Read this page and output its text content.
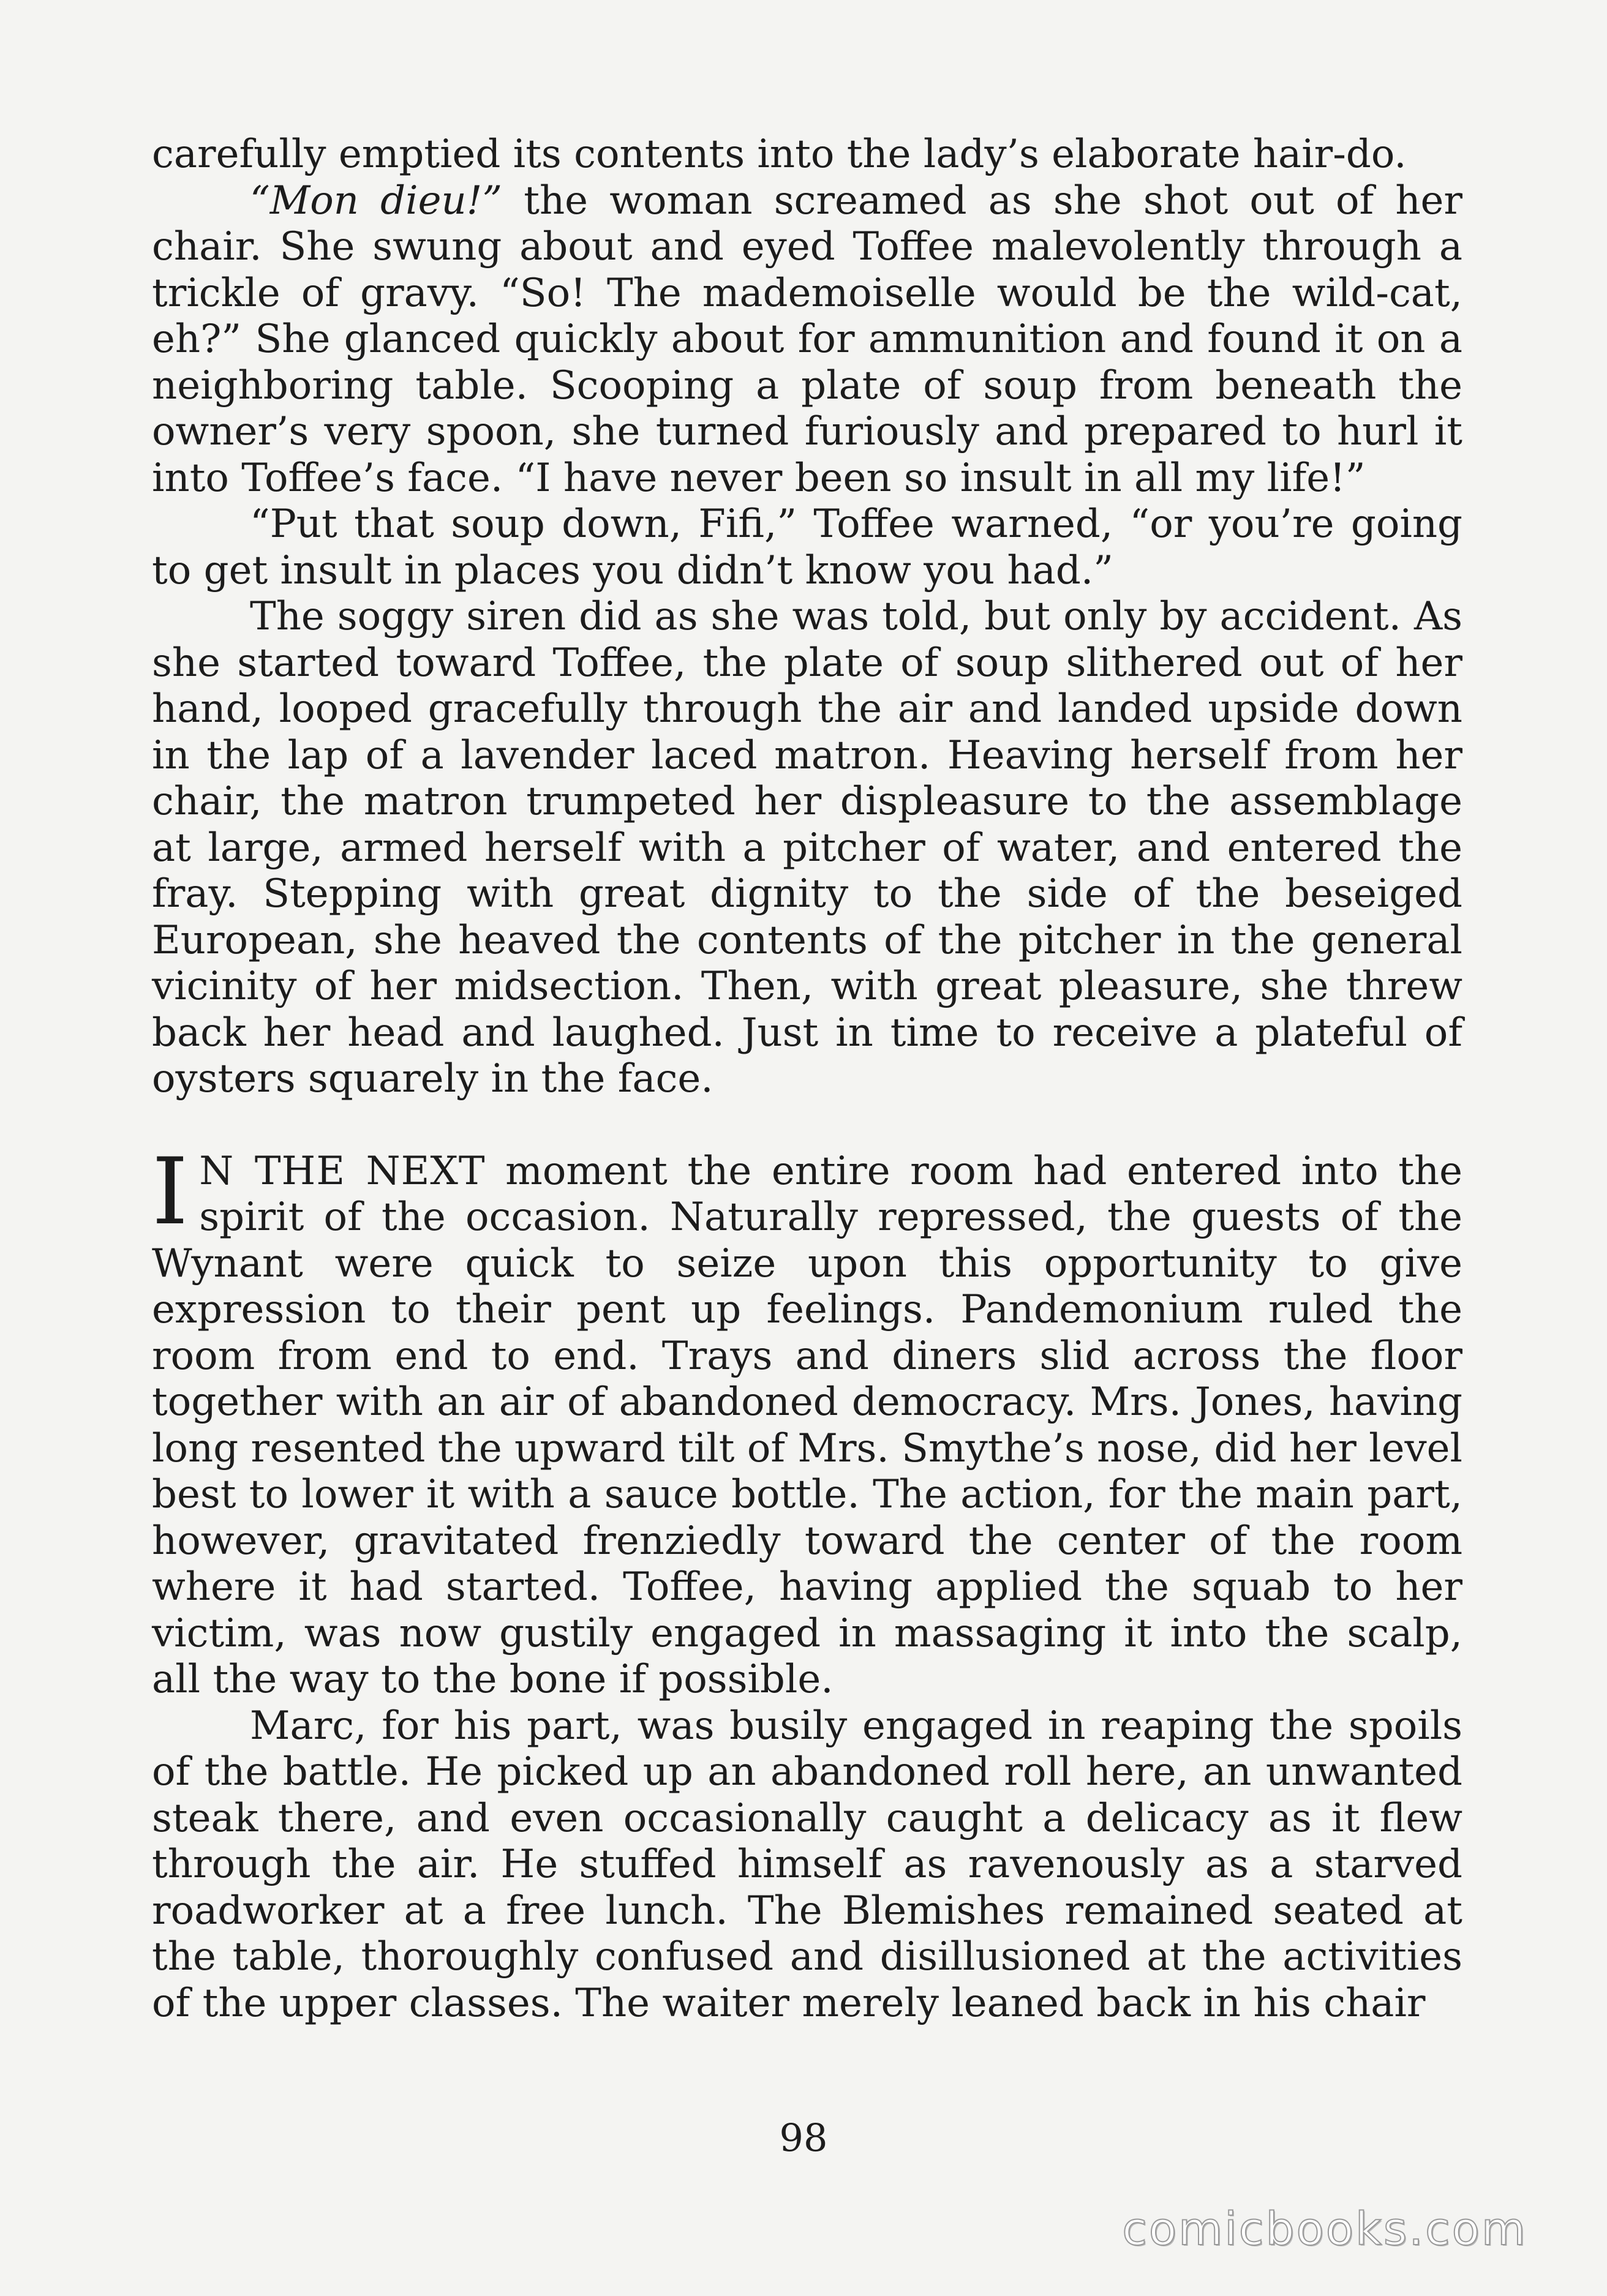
carefully emptied its contents into the lady’s elaborate hair-do.

“Mon dieu!” the woman screamed as she shot out of her chair. She swung about and eyed Toffee malevolently through a trickle of gravy. “So! The mademoiselle would be the wild-cat, eh?” She glanced quickly about for ammunition and found it on a neighboring table. Scooping a plate of soup from beneath the owner’s very spoon, she turned furiously and prepared to hurl it into Toffee’s face. “I have never been so insult in all my life!”

“Put that soup down, Fifi,” Toffee warned, “or you’re going to get insult in places you didn’t know you had.”

The soggy siren did as she was told, but only by accident. As she started toward Toffee, the plate of soup slithered out of her hand, looped gracefully through the air and landed upside down in the lap of a lavender laced matron. Heaving herself from her chair, the matron trumpeted her displeasure to the assemblage at large, armed herself with a pitcher of water, and entered the fray. Stepping with great dignity to the side of the beseiged European, she heaved the contents of the pitcher in the general vicinity of her midsection. Then, with great pleasure, she threw back her head and laughed. Just in time to receive a plateful of oysters squarely in the face.

I N THE NEXT moment the entire room had entered into the spirit of the occasion. Naturally repressed, the guests of the Wynant were quick to seize upon this opportunity to give expression to their pent up feelings. Pandemonium ruled the room from end to end. Trays and diners slid across the floor together with an air of abandoned democracy. Mrs. Jones, having long resented the upward tilt of Mrs. Smythe’s nose, did her level best to lower it with a sauce bottle. The action, for the main part, however, gravitated frenziedly toward the center of the room where it had started. Toffee, having applied the squab to her victim, was now gustily engaged in massaging it into the scalp, all the way to the bone if possible.

Marc, for his part, was busily engaged in reaping the spoils of the battle. He picked up an abandoned roll here, an unwanted steak there, and even occasionally caught a delicacy as it flew through the air. He stuffed himself as ravenously as a starved roadworker at a free lunch. The Blemishes remained seated at the table, thoroughly confused and disillusioned at the activities of the upper classes. The waiter merely leaned back in his chair

98
comicbooks.com
